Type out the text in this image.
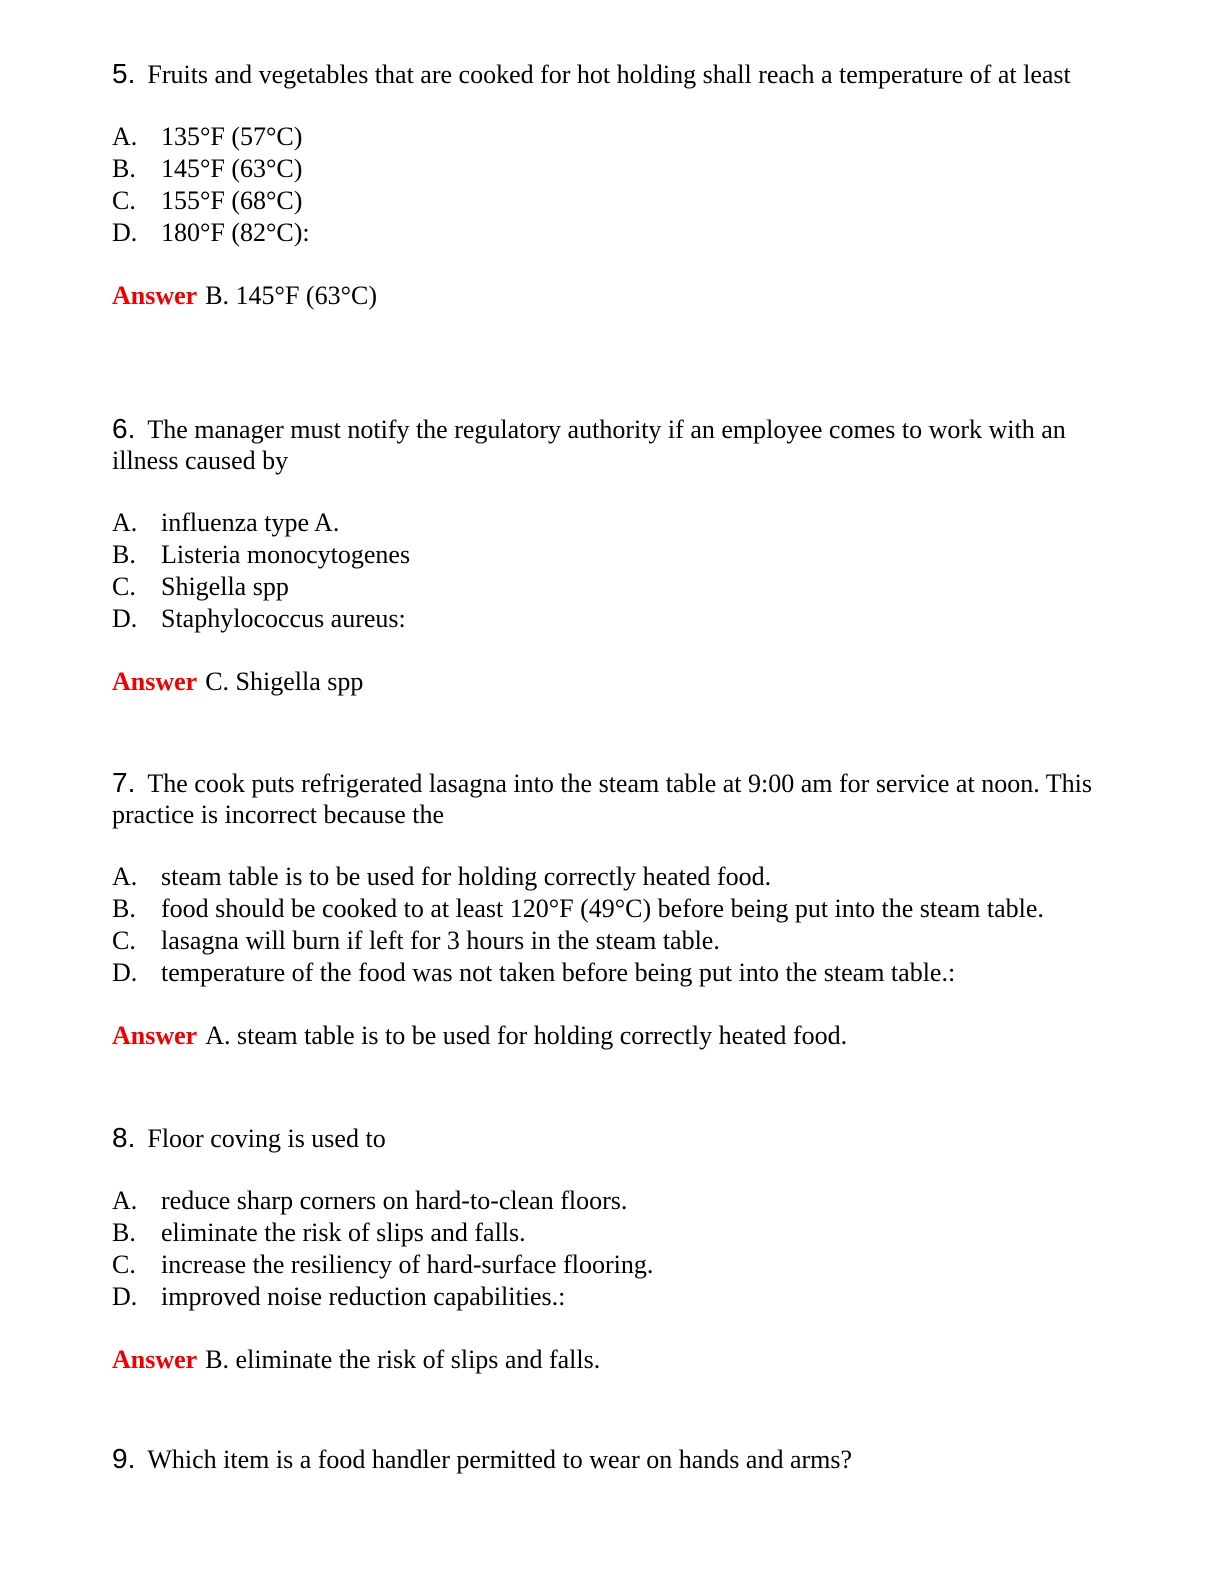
5. Fruits and vegetables that are cooked for hot holding shall reach a temperature of at least

A. 135°F (57°C)
B. 145°F (63°C)
C. 155°F (68°C)
D. 180°F (82°C):
Answer B. 145°F (63°C)

6. The manager must notify the regulatory authority if an employee comes to work with an illness caused by

A. influenza type A.
B. Listeria monocytogenes
C. Shigella spp
D. Staphylococcus aureus:
Answer C. Shigella spp

7. The cook puts refrigerated lasagna into the steam table at 9:00 am for service at noon. This practice is incorrect because the

A. steam table is to be used for holding correctly heated food.
B. food should be cooked to at least 120°F (49°C) before being put into the steam table.
C. lasagna will burn if left for 3 hours in the steam table.
D. temperature of the food was not taken before being put into the steam table.:
Answer A. steam table is to be used for holding correctly heated food.

8. Floor coving is used to

A. reduce sharp corners on hard-to-clean floors.
B. eliminate the risk of slips and falls.
C. increase the resiliency of hard-surface flooring.
D. improved noise reduction capabilities.:
Answer B. eliminate the risk of slips and falls.

9. Which item is a food handler permitted to wear on hands and arms?
